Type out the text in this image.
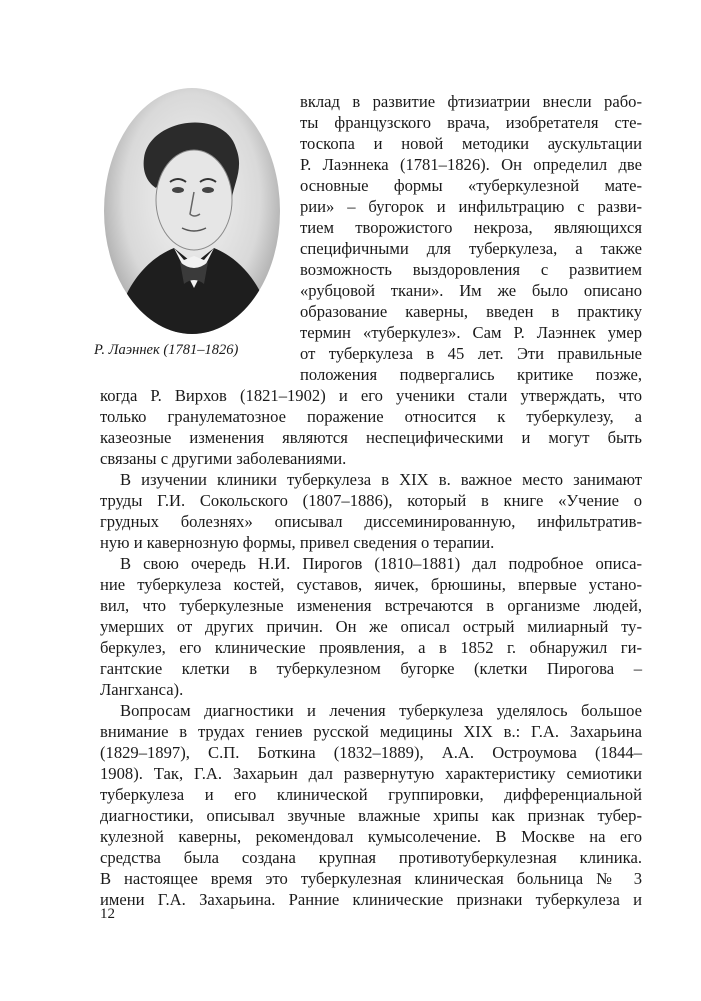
Р. Лаэннек (1781–1826)
вклад в развитие фтизиатрии внесли рабо-
ты французского врача, изобретателя сте-
тоскопа и новой методики аускультации
Р. Лаэннека (1781–1826). Он определил две
основные формы «туберкулезной мате-
рии» – бугорок и инфильтрацию с разви-
тием творожистого некроза, являющихся
специфичными для туберкулеза, а также
возможность выздоровления с развитием
«рубцовой ткани». Им же было описано
образование каверны, введен в практику
термин «туберкулез». Сам Р. Лаэннек умер
от туберкулеза в 45 лет. Эти правильные
положения подвергались критике позже,
когда Р. Вирхов (1821–1902) и его ученики стали утверждать, что
только гранулематозное поражение относится к туберкулезу, а
казеозные изменения являются неспецифическими и могут быть
связаны с другими заболеваниями.
В изучении клиники туберкулеза в XIX в. важное место занимают
труды Г.И. Сокольского (1807–1886), который в книге «Учение о
грудных болезнях» описывал диссеминированную, инфильтратив-
ную и кавернозную формы, привел сведения о терапии.
В свою очередь Н.И. Пирогов (1810–1881) дал подробное описа-
ние туберкулеза костей, суставов, яичек, брюшины, впервые устано-
вил, что туберкулезные изменения встречаются в организме людей,
умерших от других причин. Он же описал острый милиарный ту-
беркулез, его клинические проявления, а в 1852 г. обнаружил ги-
гантские клетки в туберкулезном бугорке (клетки Пирогова –
Лангханса).
Вопросам диагностики и лечения туберкулеза уделялось большое
внимание в трудах гениев русской медицины XIX в.: Г.А. Захарьина
(1829–1897), С.П. Боткина (1832–1889), А.А. Остроумова (1844–
1908). Так, Г.А. Захарьин дал развернутую характеристику семиотики
туберкулеза и его клинической группировки, дифференциальной
диагностики, описывал звучные влажные хрипы как признак тубер-
кулезной каверны, рекомендовал кумысолечение. В Москве на его
средства была создана крупная противотуберкулезная клиника.
В настоящее время это туберкулезная клиническая больница № 3
имени Г.А. Захарьина. Ранние клинические признаки туберкулеза и
12
